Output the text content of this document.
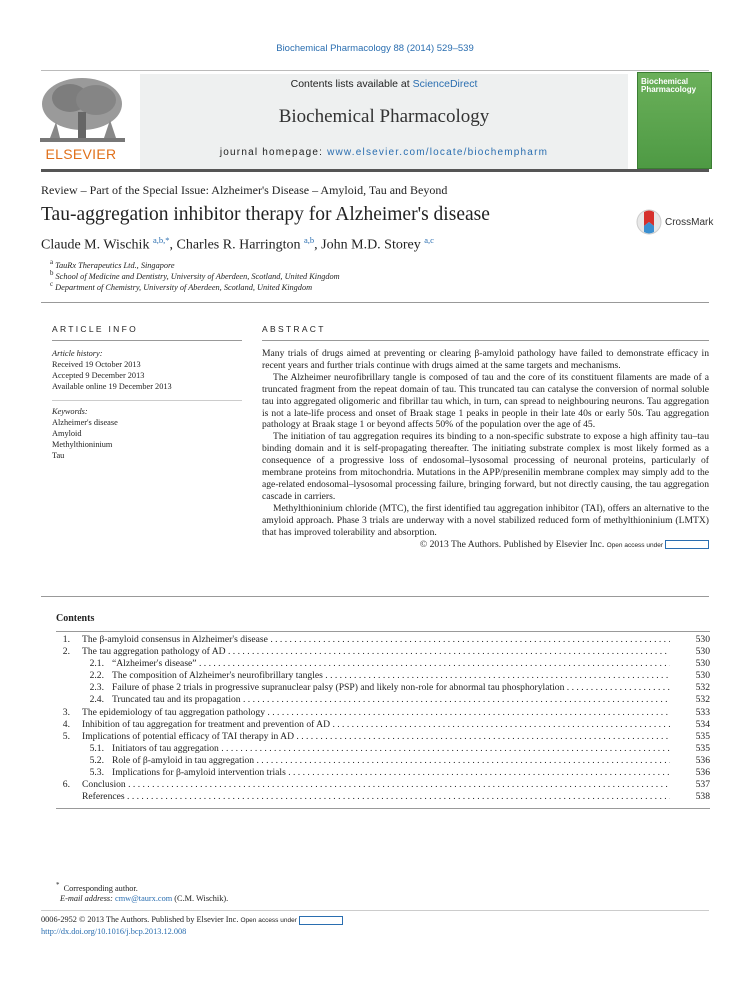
Biochemical Pharmacology 88 (2014) 529–539
ELSEVIER
Contents lists available at ScienceDirect
Biochemical Pharmacology
journal homepage: www.elsevier.com/locate/biochempharm
Biochemical Pharmacology
Review – Part of the Special Issue: Alzheimer's Disease – Amyloid, Tau and Beyond
Tau-aggregation inhibitor therapy for Alzheimer's disease
Claude M. Wischik $^{a,b,*}$, Charles R. Harrington $^{a,b}$, John M.D. Storey $^{a,c}$
CrossMark
$^a$ TauRx Therapeutics Ltd., Singapore
$^b$ School of Medicine and Dentistry, University of Aberdeen, Scotland, United Kingdom
$^c$ Department of Chemistry, University of Aberdeen, Scotland, United Kingdom
ARTICLE INFO
Article history:
Received 19 October 2013
Accepted 9 December 2013
Available online 19 December 2013
Keywords:
Alzheimer's disease
Amyloid
Methylthioninium
Tau
ABSTRACT

Many trials of drugs aimed at preventing or clearing β-amyloid pathology have failed to demonstrate efficacy in recent years and further trials continue with drugs aimed at the same targets and mechanisms.

The Alzheimer neurofibrillary tangle is composed of tau and the core of its constituent filaments are made of a truncated fragment from the repeat domain of tau. This truncated tau can catalyse the conversion of normal soluble tau into aggregated oligomeric and fibrillar tau which, in turn, can spread to neighbouring neurons. Tau aggregation is not a late-life process and onset of Braak stage 1 peaks in people in their late 40s or early 50s. Tau aggregation pathology at Braak stage 1 or beyond affects 50% of the population over the age of 45.

The initiation of tau aggregation requires its binding to a non-specific substrate to expose a high affinity tau–tau binding domain and it is self-propagating thereafter. The initiating substrate complex is most likely formed as a consequence of a progressive loss of endosomal–lysosomal processing of neuronal proteins, particularly of membrane proteins from mitochondria. Mutations in the APP/presenilin membrane complex may simply add to the age-related endosomal–lysosomal processing failure, bringing forward, but not directly causing, the tau aggregation cascade in carriers.

Methylthioninium chloride (MTC), the first identified tau aggregation inhibitor (TAI), offers an alternative to the amyloid approach. Phase 3 trials are underway with a novel stabilized reduced form of methylthioninium (LMTX) that has improved tolerability and absorption.

© 2013 The Authors. Published by Elsevier Inc. Open access under

Contents
1.	The β-amyloid consensus in Alzheimer's disease . . .	530
2.	The tau aggregation pathology of AD . . .	530
2.1. “Alzheimer's disease” . . .	530
2.2. The composition of Alzheimer's neurofibrillary tangles . . .	530
2.3. Failure of phase 2 trials in progressive supranuclear palsy (PSP) and likely non-role for abnormal tau phosphorylation . . .	532
2.4. Truncated tau and its propagation . . .	532
3.	The epidemiology of tau aggregation pathology . . .	533
4.	Inhibition of tau aggregation for treatment and prevention of AD . . .	534
5.	Implications of potential efficacy of TAI therapy in AD . . .	535
5.1. Initiators of tau aggregation . . .	535
5.2. Role of β-amyloid in tau aggregation . . .	536
5.3. Implications for β-amyloid intervention trials . . .	536
6.	Conclusion . . .	537
References . . .	538
* Corresponding author.
E-mail address: cmw@taurx.com (C.M. Wischik).
0006-2952 © 2013 The Authors. Published by Elsevier Inc. Open access under
http://dx.doi.org/10.1016/j.bcp.2013.12.008
